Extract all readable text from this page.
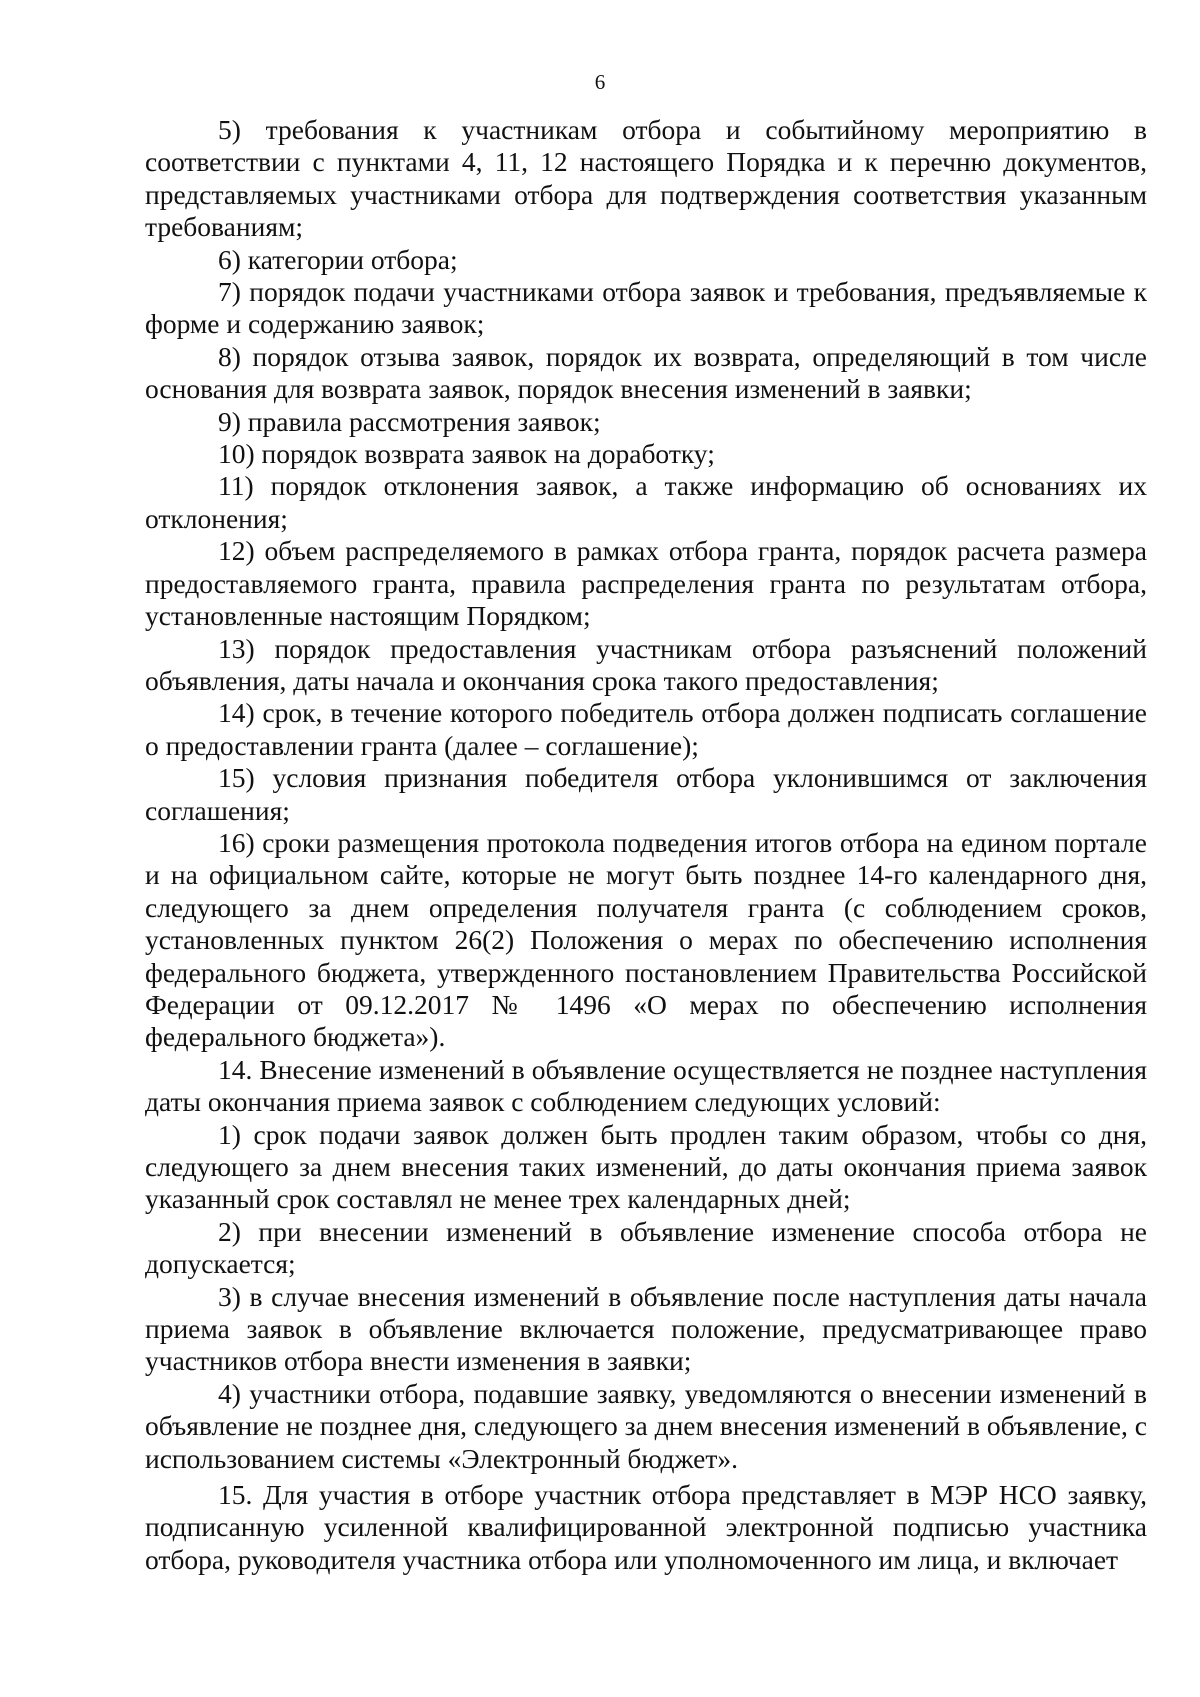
6

5) требования к участникам отбора и событийному мероприятию в соответствии с пунктами 4, 11, 12 настоящего Порядка и к перечню документов, представляемых участниками отбора для подтверждения соответствия указанным требованиям;

6) категории отбора;

7) порядок подачи участниками отбора заявок и требования, предъявляемые к форме и содержанию заявок;

8) порядок отзыва заявок, порядок их возврата, определяющий в том числе основания для возврата заявок, порядок внесения изменений в заявки;

9) правила рассмотрения заявок;

10) порядок возврата заявок на доработку;

11) порядок отклонения заявок, а также информацию об основаниях их отклонения;

12) объем распределяемого в рамках отбора гранта, порядок расчета размера предоставляемого гранта, правила распределения гранта по результатам отбора, установленные настоящим Порядком;

13) порядок предоставления участникам отбора разъяснений положений объявления, даты начала и окончания срока такого предоставления;

14) срок, в течение которого победитель отбора должен подписать соглашение о предоставлении гранта (далее – соглашение);

15) условия признания победителя отбора уклонившимся от заключения соглашения;

16) сроки размещения протокола подведения итогов отбора на едином портале и на официальном сайте, которые не могут быть позднее 14-го календарного дня, следующего за днем определения получателя гранта (с соблюдением сроков, установленных пунктом 26(2) Положения о мерах по обеспечению исполнения федерального бюджета, утвержденного постановлением Правительства Российской Федерации от 09.12.2017 № 1496 «О мерах по обеспечению исполнения федерального бюджета»).

14. Внесение изменений в объявление осуществляется не позднее наступления даты окончания приема заявок с соблюдением следующих условий:

1) срок подачи заявок должен быть продлен таким образом, чтобы со дня, следующего за днем внесения таких изменений, до даты окончания приема заявок указанный срок составлял не менее трех календарных дней;

2) при внесении изменений в объявление изменение способа отбора не допускается;

3) в случае внесения изменений в объявление после наступления даты начала приема заявок в объявление включается положение, предусматривающее право участников отбора внести изменения в заявки;

4) участники отбора, подавшие заявку, уведомляются о внесении изменений в объявление не позднее дня, следующего за днем внесения изменений в объявление, с использованием системы «Электронный бюджет».

15. Для участия в отборе участник отбора представляет в МЭР НСО заявку, подписанную усиленной квалифицированной электронной подписью участника отбора, руководителя участника отбора или уполномоченного им лица, и включает
